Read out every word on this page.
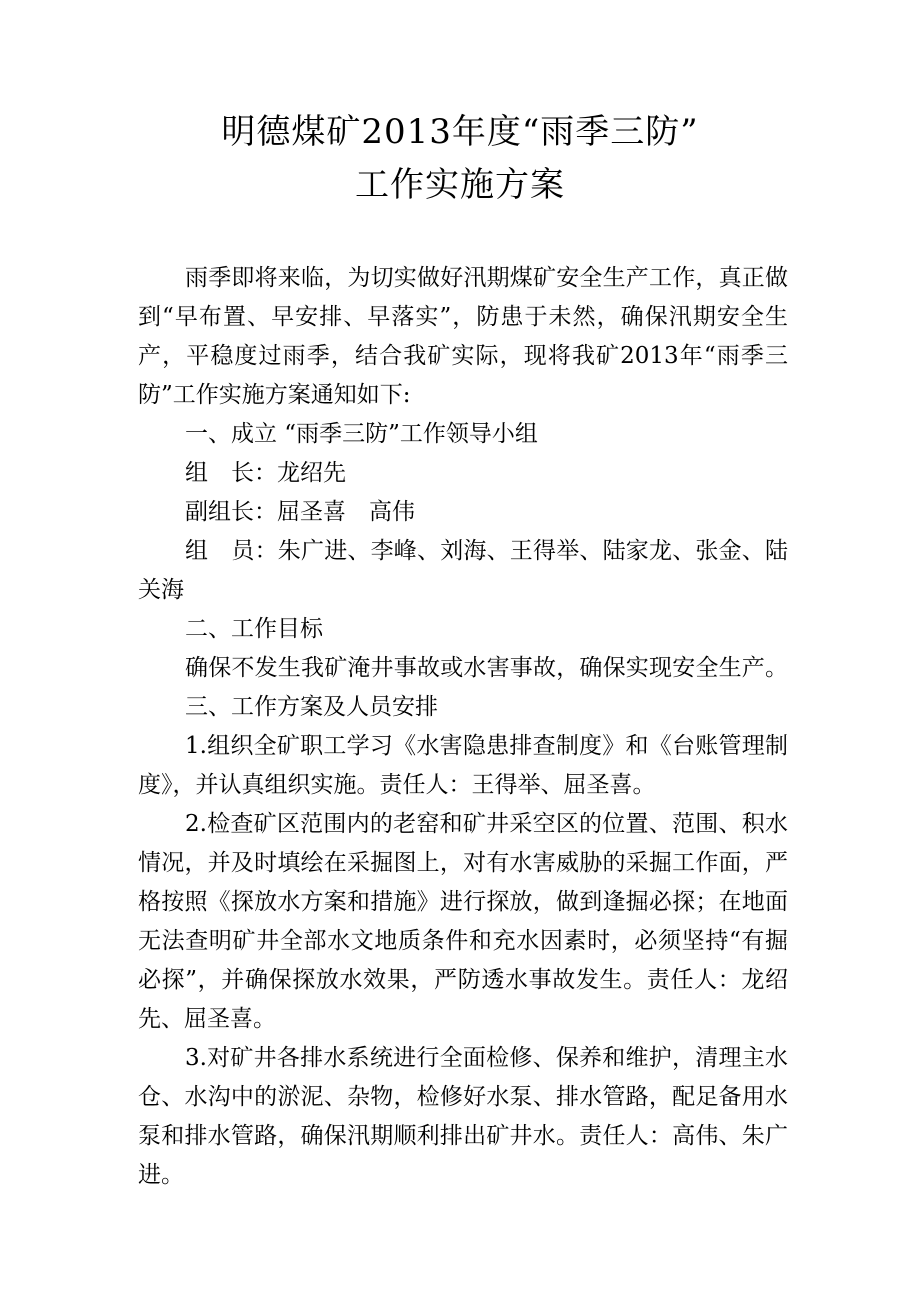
明德煤矿2013年度“雨季三防”
工作实施方案
雨季即将来临，为切实做好汛期煤矿安全生产工作，真正做
到“早布置、早安排、早落实”，防患于未然，确保汛期安全生
产，平稳度过雨季，结合我矿实际，现将我矿2013年“雨季三
防”工作实施方案通知如下:
一、成立 “雨季三防”工作领导小组
组　长：龙绍先
副组长：屈圣喜　高伟
组　员：朱广进、李峰、刘海、王得举、陆家龙、张金、陆
关海
二、工作目标
确保不发生我矿淹井事故或水害事故，确保实现安全生产。
三、工作方案及人员安排
1.组织全矿职工学习《水害隐患排查制度》和《台账管理制
度》，并认真组织实施。责任人：王得举、屈圣喜。
2.检查矿区范围内的老窑和矿井采空区的位置、范围、积水
情况，并及时填绘在采掘图上，对有水害威胁的采掘工作面，严
格按照《探放水方案和措施》进行探放，做到逢掘必探；在地面
无法查明矿井全部水文地质条件和充水因素时，必须坚持“有掘
必探”，并确保探放水效果，严防透水事故发生。责任人：龙绍
先、屈圣喜。
3.对矿井各排水系统进行全面检修、保养和维护，清理主水
仓、水沟中的淤泥、杂物，检修好水泵、排水管路，配足备用水
泵和排水管路，确保汛期顺利排出矿井水。责任人：高伟、朱广
进。
